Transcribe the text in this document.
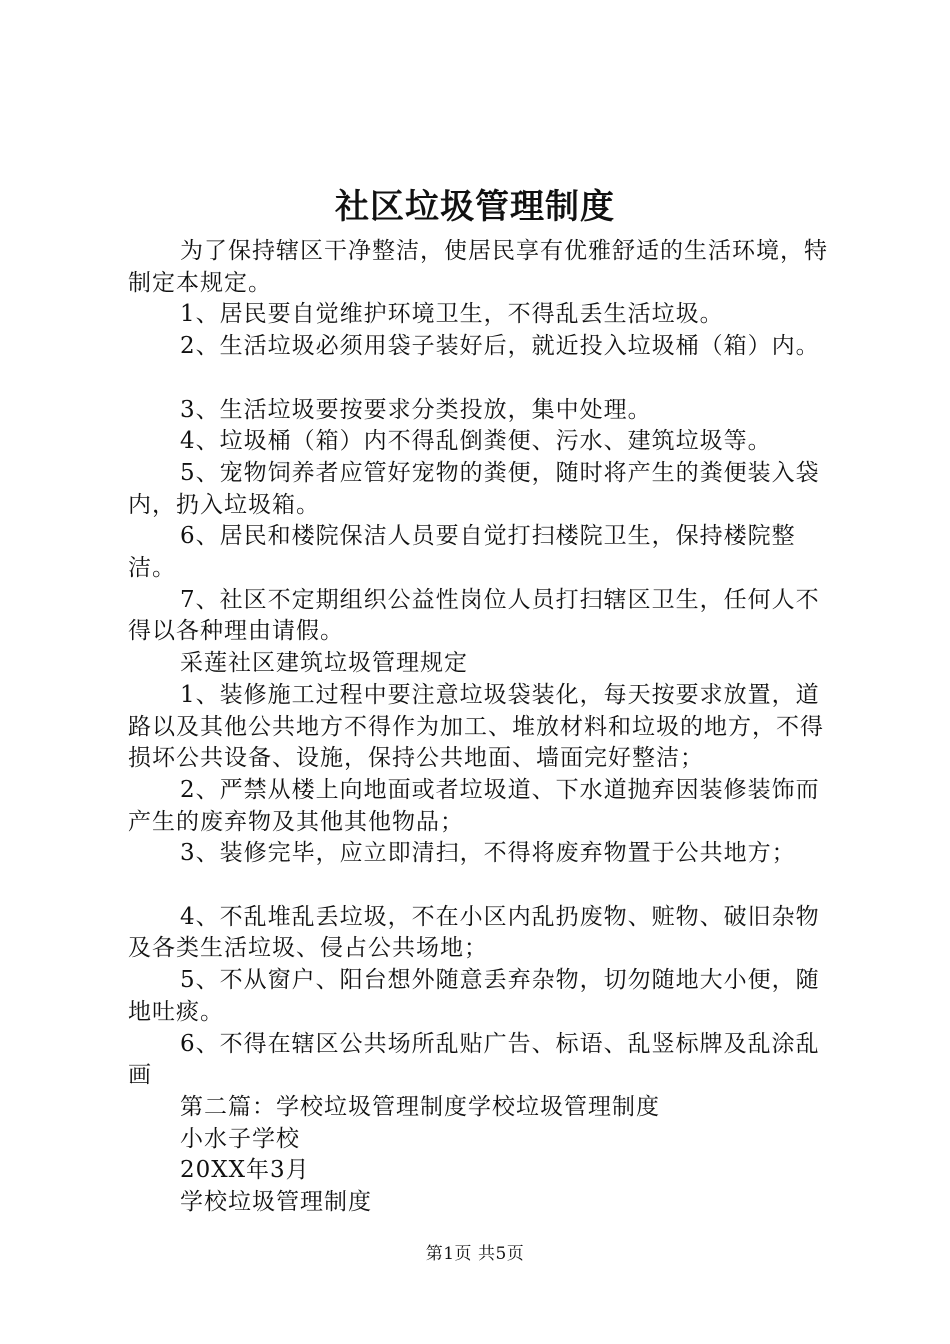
社区垃圾管理制度

为了保持辖区干净整洁，使居民享有优雅舒适的生活环境，特制定本规定。

1、居民要自觉维护环境卫生，不得乱丢生活垃圾。

2、生活垃圾必须用袋子装好后，就近投入垃圾桶（箱）内。

3、生活垃圾要按要求分类投放，集中处理。

4、垃圾桶（箱）内不得乱倒粪便、污水、建筑垃圾等。

5、宠物饲养者应管好宠物的粪便，随时将产生的粪便装入袋内，扔入垃圾箱。

6、居民和楼院保洁人员要自觉打扫楼院卫生，保持楼院整洁。

7、社区不定期组织公益性岗位人员打扫辖区卫生，任何人不得以各种理由请假。

采莲社区建筑垃圾管理规定

1、装修施工过程中要注意垃圾袋装化，每天按要求放置，道路以及其他公共地方不得作为加工、堆放材料和垃圾的地方，不得损坏公共设备、设施，保持公共地面、墙面完好整洁；

2、严禁从楼上向地面或者垃圾道、下水道抛弃因装修装饰而产生的废弃物及其他其他物品；

3、装修完毕，应立即清扫，不得将废弃物置于公共地方；

4、不乱堆乱丢垃圾，不在小区内乱扔废物、赃物、破旧杂物及各类生活垃圾、侵占公共场地；

5、不从窗户、阳台想外随意丢弃杂物，切勿随地大小便，随地吐痰。

6、不得在辖区公共场所乱贴广告、标语、乱竖标牌及乱涂乱画

第二篇：学校垃圾管理制度学校垃圾管理制度

小水子学校

20XX年3月

学校垃圾管理制度

第1页 共5页
